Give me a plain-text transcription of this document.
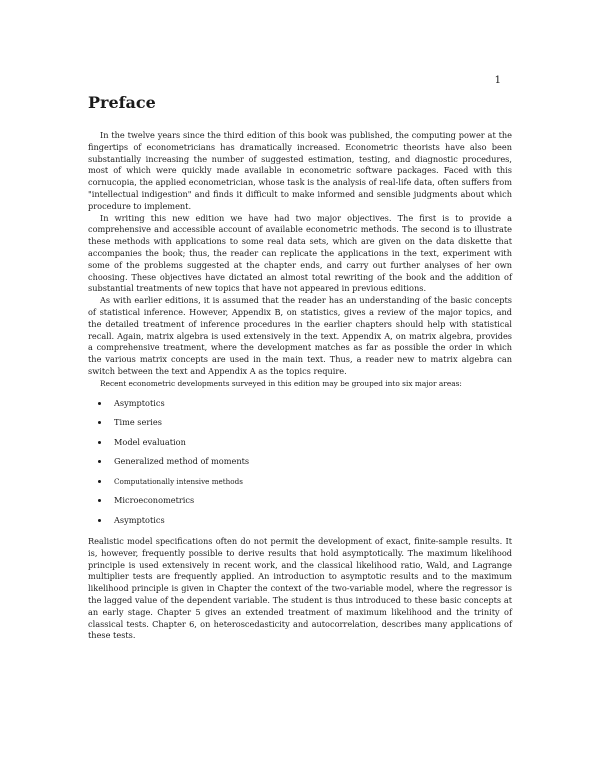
1
Preface

In the twelve years since the third edition of this book was published, the computing power at the fingertips of econometricians has dramatically increased. Econometric theorists have also been substantially increasing the number of suggested estimation, testing, and diagnostic procedures, most of which were quickly made available in econometric software packages. Faced with this cornucopia, the applied econometrician, whose task is the analysis of real-life data, often suffers from "intellectual indigestion" and finds it difficult to make informed and sensible judgments about which procedure to implement.

In writing this new edition we have had two major objectives. The first is to provide a comprehensive and accessible account of available econometric methods. The second is to illustrate these methods with applications to some real data sets, which are given on the data diskette that accompanies the book; thus, the reader can replicate the applications in the text, experiment with some of the problems suggested at the chapter ends, and carry out further analyses of her own choosing. These objectives have dictated an almost total rewriting of the book and the addition of substantial treatments of new topics that have not appeared in previous editions.

As with earlier editions, it is assumed that the reader has an understanding of the basic concepts of statistical inference. However, Appendix B, on statistics, gives a review of the major topics, and the detailed treatment of inference procedures in the earlier chapters should help with statistical recall. Again, matrix algebra is used extensively in the text. Appendix A, on matrix algebra, provides a comprehensive treatment, where the development matches as far as possible the order in which the various matrix concepts are used in the main text. Thus, a reader new to matrix algebra can switch between the text and Appendix A as the topics require.

Recent econometric developments surveyed in this edition may be grouped into six major areas:

Asymptotics
Time series
Model evaluation
Generalized method of moments
Computationally intensive methods
Microeconometrics
Asymptotics

Realistic model specifications often do not permit the development of exact, finite-sample results. It is, however, frequently possible to derive results that hold asymptotically. The maximum likelihood principle is used extensively in recent work, and the classical likelihood ratio, Wald, and Lagrange multiplier tests are frequently applied. An introduction to asymptotic results and to the maximum likelihood principle is given in Chapter the context of the two-variable model, where the regressor is the lagged value of the dependent variable. The student is thus introduced to these basic concepts at an early stage. Chapter 5 gives an extended treatment of maximum likelihood and the trinity of classical tests. Chapter 6, on heteroscedasticity and autocorrelation, describes many applications of these tests.
